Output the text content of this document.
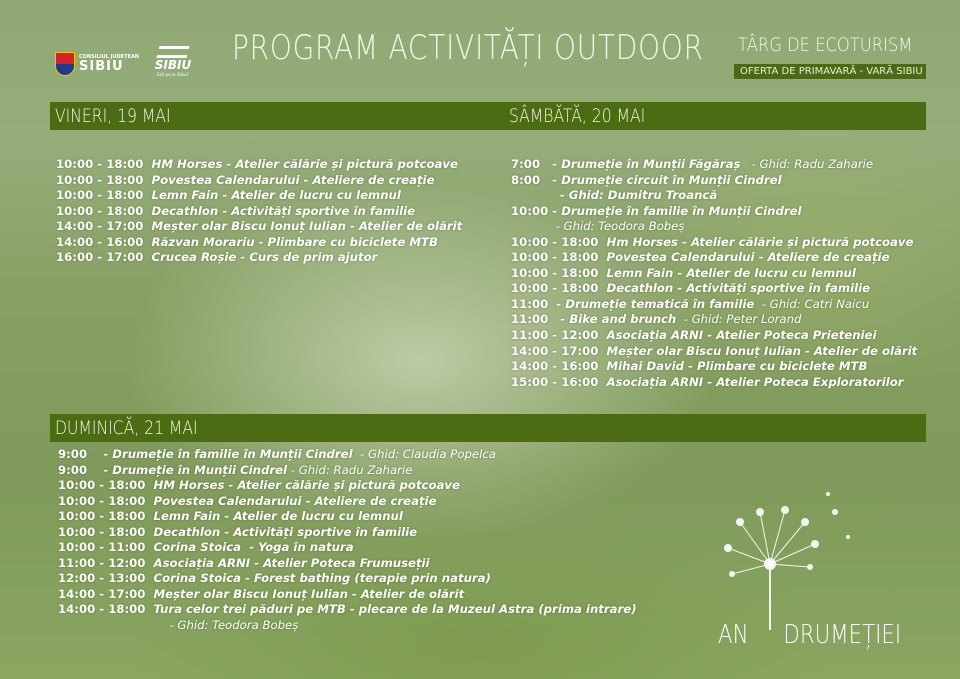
CONSILIUL JUDEȚEAN
SIBIU	SIBIU
Ești pe la Sibiu?
PROGRAM ACTIVITĂȚI OUTDOOR TÂRG DE ECOTURISM
OFERTA DE PRIMAVARĂ - VARĂ SIBIU
VINERI, 19 MAI	SÂMBĂTĂ, 20 MAI
10:00 - 18:00  HM Horses - Atelier călărie și pictură potcoave
10:00 - 18:00  Povestea Calendarului - Ateliere de creație
10:00 - 18:00  Lemn Fain - Atelier de lucru cu lemnul
10:00 - 18:00  Decathlon - Activități sportive în familie
14:00 - 17:00  Meșter olar Biscu Ionuț Iulian - Atelier de olărit
14:00 - 16:00  Răzvan Morariu - Plimbare cu biciclete MTB
16:00 - 17:00  Crucea Roșie - Curs de prim ajutor
7:00   - Drumeție în Munții Făgăraș   - Ghid: Radu Zaharie
8:00   - Drumeție circuit în Munții Cindrel
- Ghid: Dumitru Troancă
10:00 - Drumeție în familie în Munții Cindrel
- Ghid: Teodora Bobeș
10:00 - 18:00  Hm Horses - Atelier călărie și pictură potcoave
10:00 - 18:00  Povestea Calendarului - Ateliere de creație
10:00 - 18:00  Lemn Fain - Atelier de lucru cu lemnul
10:00 - 18:00  Decathlon - Activități sportive în familie
11:00  - Drumeție tematică în familie  - Ghid: Catri Naicu
11:00   - Bike and brunch  - Ghid: Peter Lorand
11:00 - 12:00  Asociația ARNI - Atelier Poteca Prieteniei
14:00 - 17:00  Meșter olar Biscu Ionuț Iulian - Atelier de olărit
14:00 - 16:00  Mihai David - Plimbare cu biciclete MTB
15:00 - 16:00  Asociația ARNI - Atelier Poteca Exploratorilor
DUMINICĂ, 21 MAI
9:00    - Drumeție în familie în Munții Cindrel  - Ghid: Claudia Popelca
9:00    - Drumeție în Munții Cindrel - Ghid: Radu Zaharie
10:00 - 18:00  HM Horses - Atelier călărie și pictură potcoave
10:00 - 18:00  Povestea Calendarului - Ateliere de creație
10:00 - 18:00  Lemn Fain - Atelier de lucru cu lemnul
10:00 - 18:00  Decathlon - Activități sportive în familie
10:00 - 11:00  Corina Stoica  - Yoga în natura
11:00 - 12:00  Asociația ARNI - Atelier Poteca Frumuseții
12:00 - 13:00  Corina Stoica - Forest bathing (terapie prin natura)
14:00 - 17:00  Meșter olar Biscu Ionuț Iulian - Atelier de olărit
14:00 - 18:00  Tura celor trei păduri pe MTB - plecare de la Muzeul Astra (prima intrare)
- Ghid: Teodora Bobeș	AN DRUMEȚIEI
